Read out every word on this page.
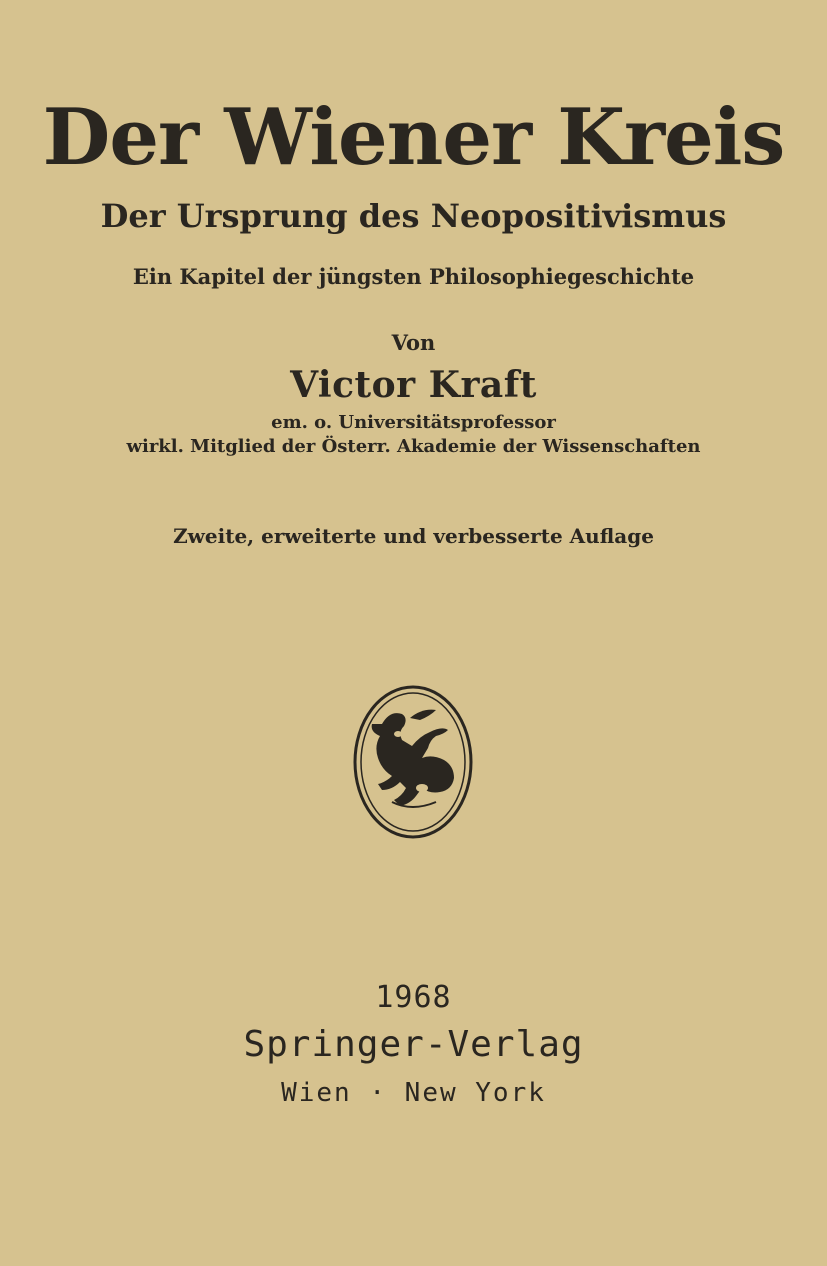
Der Wiener Kreis
Der Ursprung des Neopositivismus
Ein Kapitel der jüngsten Philosophiegeschichte
Von
Victor Kraft
em. o. Universitätsprofessor
wirkl. Mitglied der Österr. Akademie der Wissenschaften
Zweite, erweiterte und verbesserte Auflage
1968
Springer-Verlag
Wien · New York
